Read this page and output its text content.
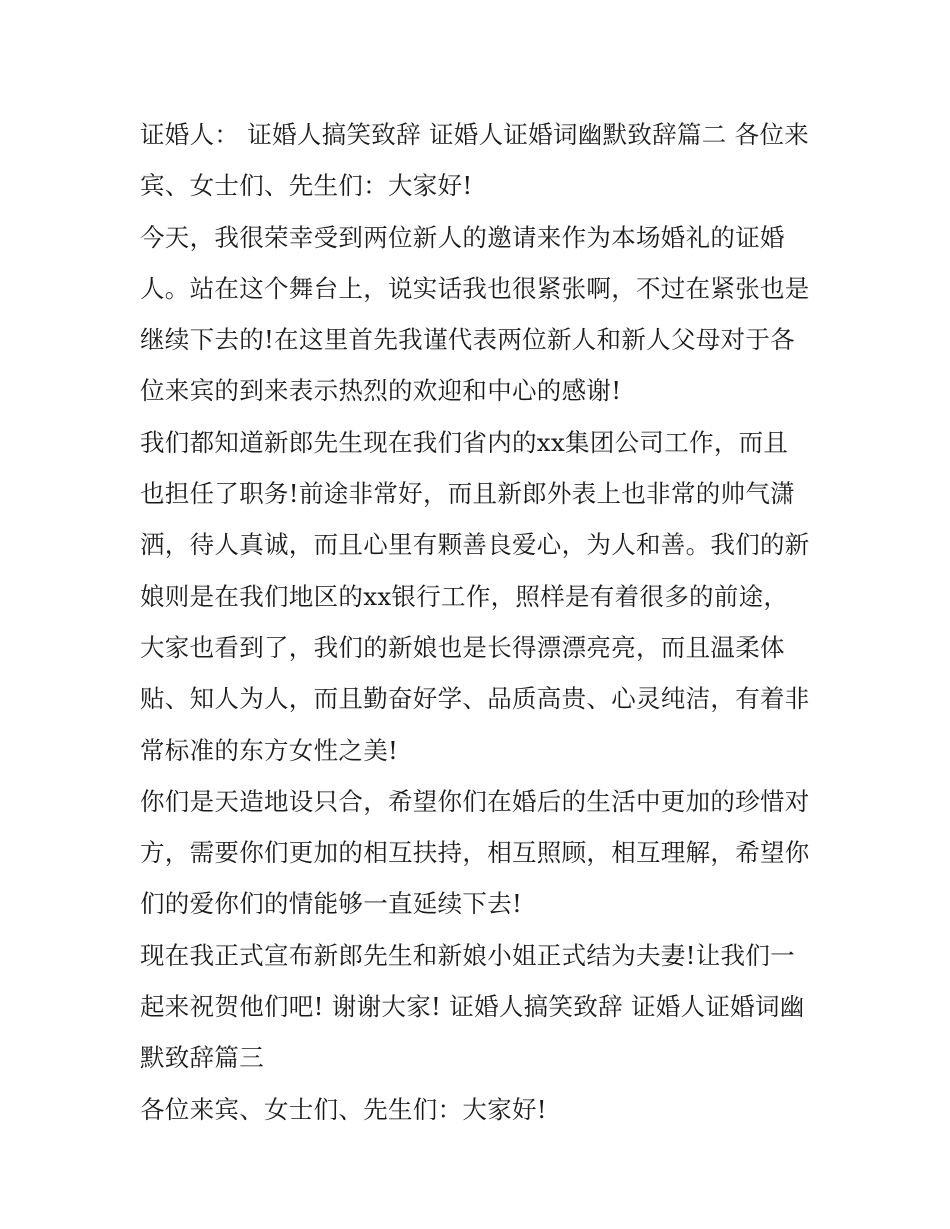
证婚人： 证婚人搞笑致辞 证婚人证婚词幽默致辞篇二 各位来宾、女士们、先生们：大家好!

今天，我很荣幸受到两位新人的邀请来作为本场婚礼的证婚人。站在这个舞台上，说实话我也很紧张啊，不过在紧张也是继续下去的!在这里首先我谨代表两位新人和新人父母对于各位来宾的到来表示热烈的欢迎和中心的感谢!

我们都知道新郎先生现在我们省内的xx集团公司工作，而且也担任了职务!前途非常好，而且新郎外表上也非常的帅气潇洒，待人真诚，而且心里有颗善良爱心，为人和善。我们的新娘则是在我们地区的xx银行工作，照样是有着很多的前途，大家也看到了，我们的新娘也是长得漂漂亮亮，而且温柔体贴、知人为人，而且勤奋好学、品质高贵、心灵纯洁，有着非常标准的东方女性之美!

你们是天造地设只合，希望你们在婚后的生活中更加的珍惜对方，需要你们更加的相互扶持，相互照顾，相互理解，希望你们的爱你们的情能够一直延续下去!

现在我正式宣布新郎先生和新娘小姐正式结为夫妻!让我们一起来祝贺他们吧! 谢谢大家! 证婚人搞笑致辞 证婚人证婚词幽默致辞篇三

各位来宾、女士们、先生们：大家好!
